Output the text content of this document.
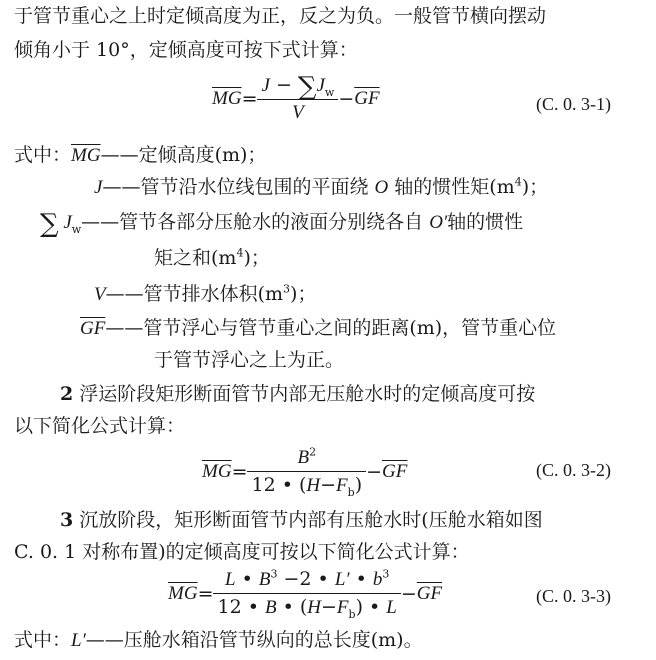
于管节重心之上时定倾高度为正，反之为负。一般管节横向摆动
倾角小于 10°，定倾高度可按下式计算：
$\overline{MG} = \frac{J - \sum J_w}{V} - \overline{GF}$	(C. 0. 3-1)
式中：$\overline{MG}——$定倾高度(m)；
J——管节沿水位线包围的平面绕 O 轴的惯性矩$(m^4)$；
∑ $J_w——$管节各部分压舱水的液面分别绕各自 O′轴的惯性
矩之和$(m^4)$；
V——管节排水体积$(m^3)$；
$\overline{GF}——$管节浮心与管节重心之间的距离(m)，管节重心位
于管节浮心之上为正。
2 浮运阶段矩形断面管节内部无压舱水时的定倾高度可按
以下简化公式计算：
$\overline{MG} = \frac{B^2}{12 • (H-F_b)} - \overline{GF}$	(C. 0. 3-2)
3 沉放阶段，矩形断面管节内部有压舱水时(压舱水箱如图
C. 0. 1 对称布置)的定倾高度可按以下简化公式计算：
$\overline{MG} = \frac{L • B^3 -2 • L' • b^3}{12 • B • (H-F_b) • L} - \overline{GF}$	(C. 0. 3-3)
式中：L′——压舱水箱沿管节纵向的总长度(m)。
